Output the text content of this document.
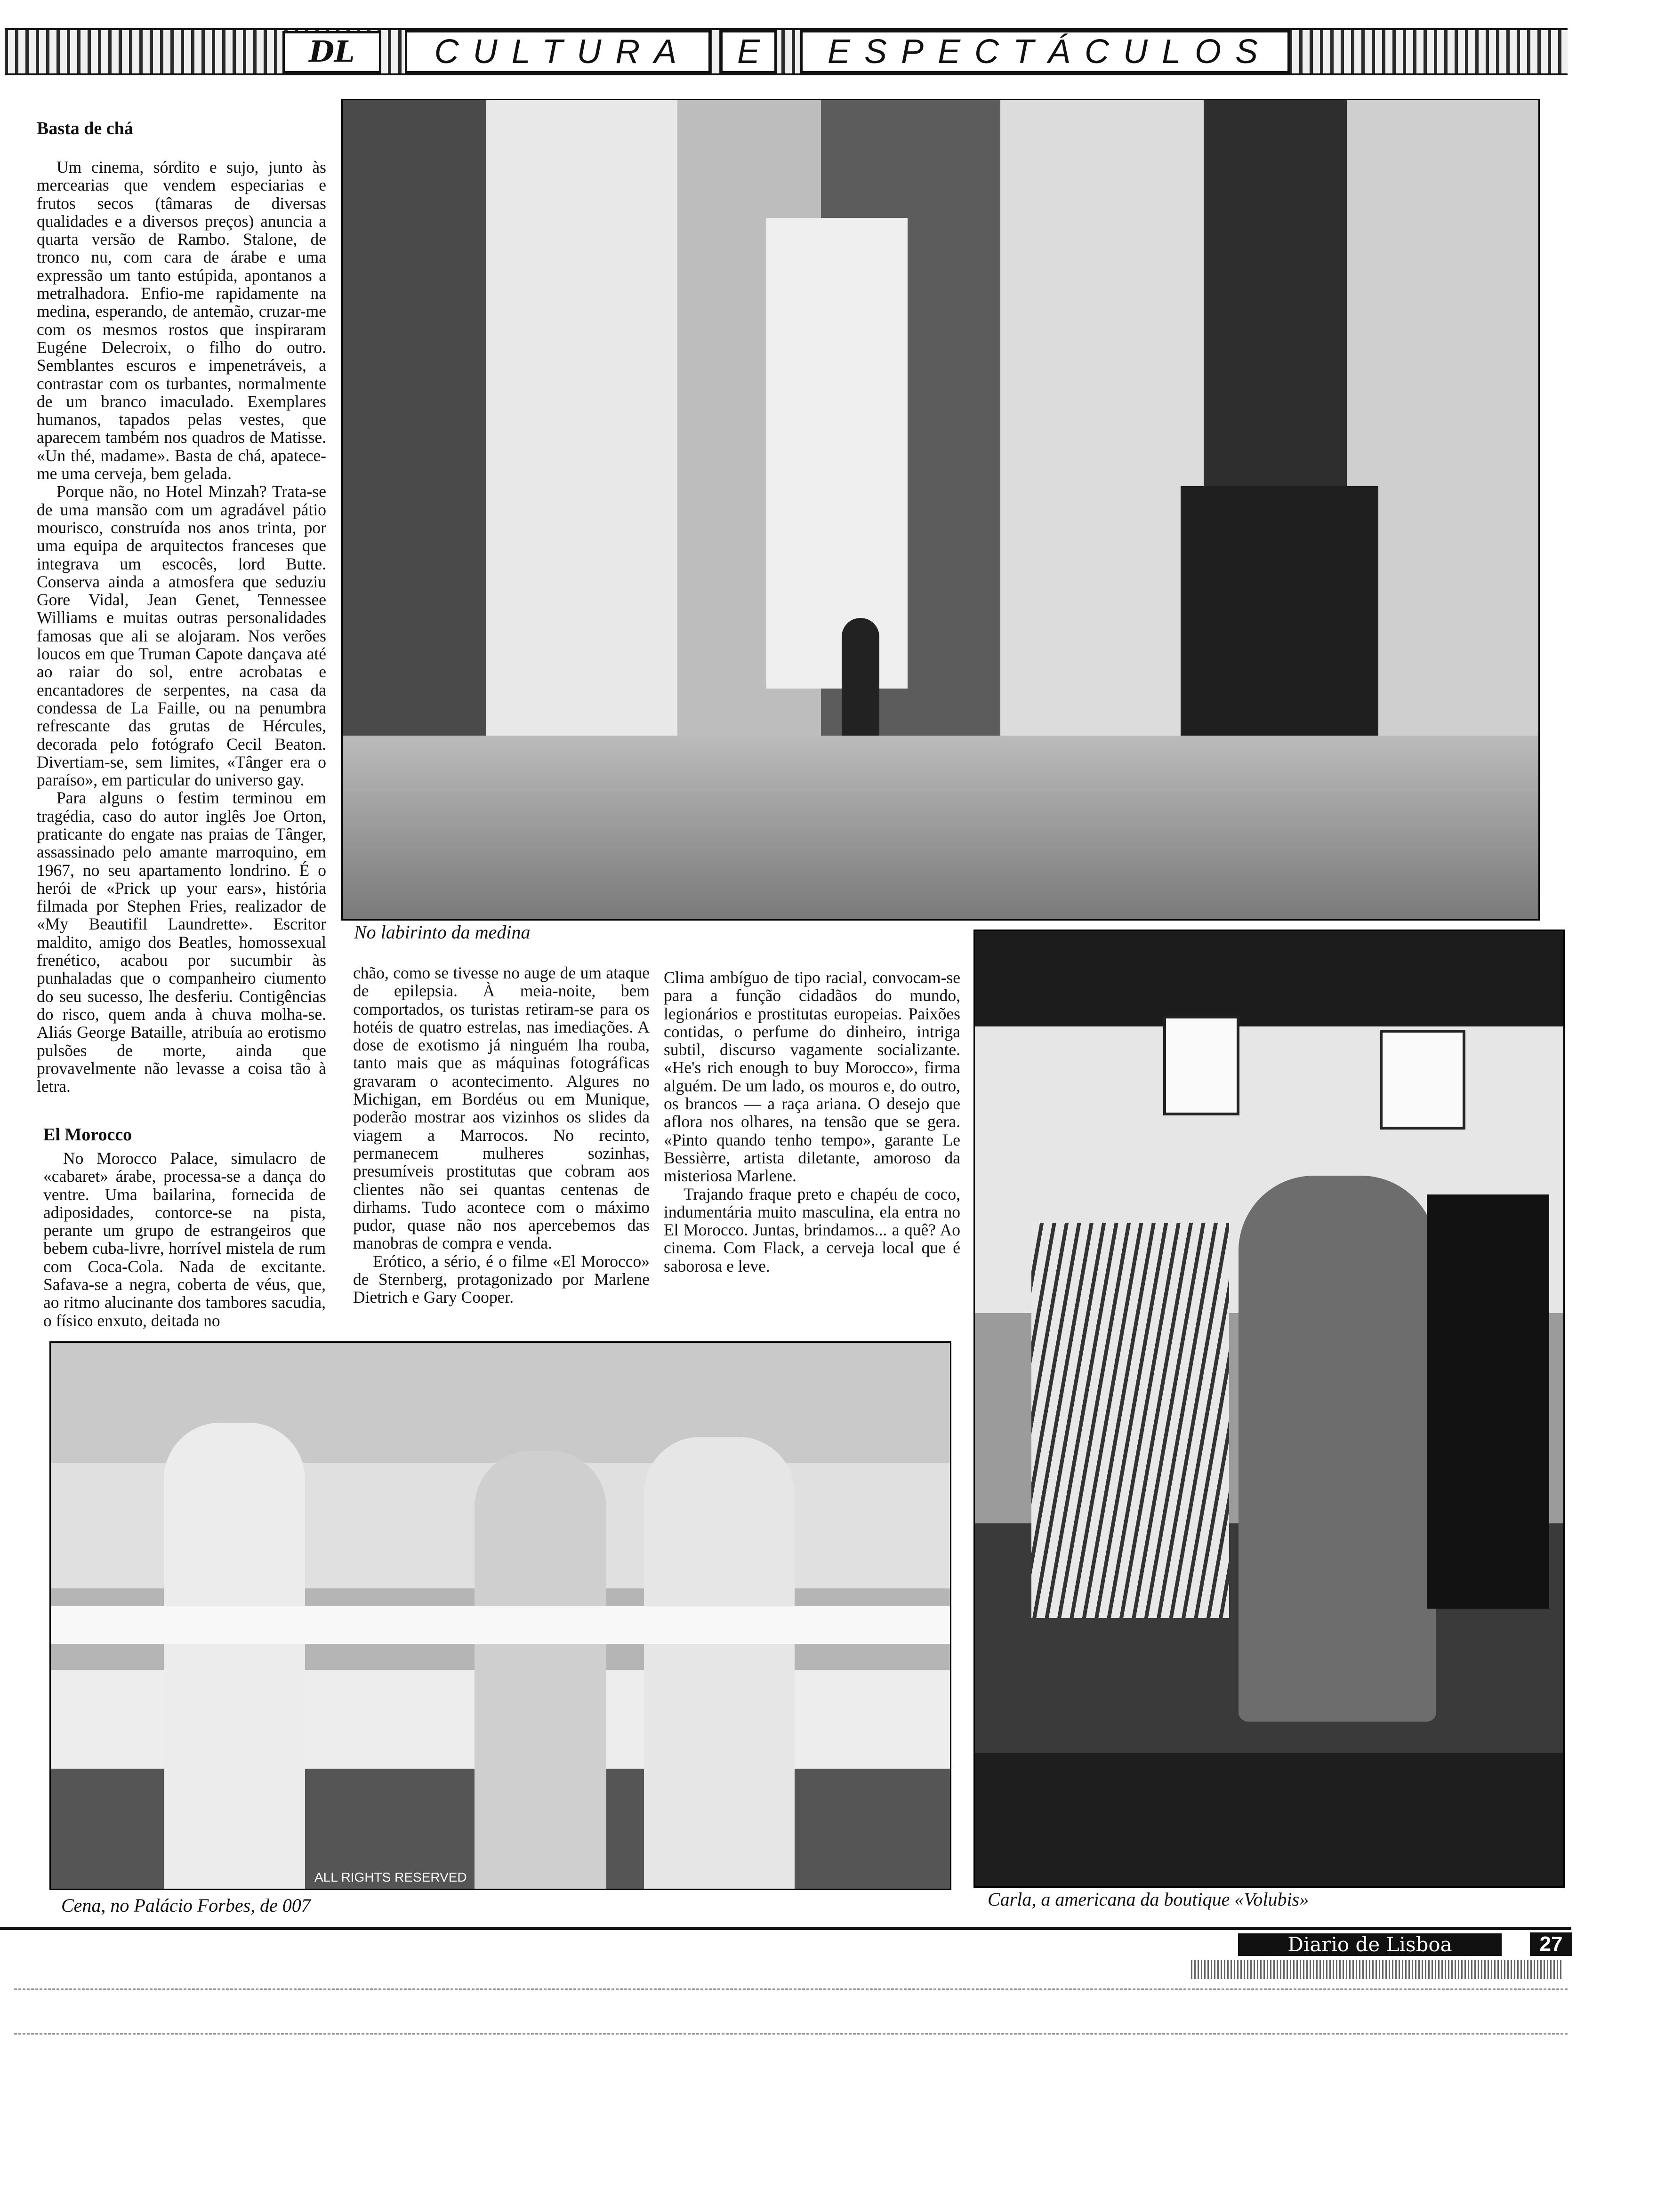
DL	CULTURA	E	ESPECTÁCULOS
No labirinto da medina
Carla, a americana da boutique «Volubis»
ALL RIGHTS RESERVED
Cena, no Palácio Forbes, de 007
Basta de chá

Um cinema, sórdito e sujo, junto às mercearias que vendem especiarias e frutos secos (tâmaras de diversas qualidades e a diversos preços) anuncia a quarta versão de Rambo. Stalone, de tronco nu, com cara de árabe e uma expressão um tanto estúpida, apontanos a metralhadora. Enfio-me rapidamente na medina, esperando, de antemão, cruzar-me com os mesmos rostos que inspiraram Eugéne Delecroix, o filho do outro. Semblantes escuros e impenetráveis, a contrastar com os turbantes, normalmente de um branco imaculado. Exemplares humanos, tapados pelas vestes, que aparecem também nos quadros de Matisse. «Un thé, madame». Basta de chá, apatece-me uma cerveja, bem gelada.

Porque não, no Hotel Minzah? Trata-se de uma mansão com um agradável pátio mourisco, construída nos anos trinta, por uma equipa de arquitectos franceses que integrava um escocês, lord Butte. Conserva ainda a atmosfera que seduziu Gore Vidal, Jean Genet, Tennessee Williams e muitas outras personalidades famosas que ali se alojaram. Nos verões loucos em que Truman Capote dançava até ao raiar do sol, entre acrobatas e encantadores de serpentes, na casa da condessa de La Faille, ou na penumbra refrescante das grutas de Hércules, decorada pelo fotógrafo Cecil Beaton. Divertiam-se, sem limites, «Tânger era o paraíso», em particular do universo gay.

Para alguns o festim terminou em tragédia, caso do autor inglês Joe Orton, praticante do engate nas praias de Tânger, assassinado pelo amante marroquino, em 1967, no seu apartamento londrino. É o herói de «Prick up your ears», história filmada por Stephen Fries, realizador de «My Beautifil Laundrette». Escritor maldito, amigo dos Beatles, homossexual frenético, acabou por sucumbir às punhaladas que o companheiro ciumento do seu sucesso, lhe desferiu. Contigências do risco, quem anda à chuva molha-se. Aliás George Bataille, atribuía ao erotismo pulsões de morte, ainda que provavelmente não levasse a coisa tão à letra.

El Morocco

No Morocco Palace, simulacro de «cabaret» árabe, processa-se a dança do ventre. Uma bailarina, fornecida de adiposidades, contorce-se na pista, perante um grupo de estrangeiros que bebem cuba-livre, horrível mistela de rum com Coca-Cola. Nada de excitante. Safava-se a negra, coberta de véus, que, ao ritmo alucinante dos tambores sacudia, o físico enxuto, deitada no

chão, como se tivesse no auge de um ataque de epilepsia. À meia-noite, bem comportados, os turistas retiram-se para os hotéis de quatro estrelas, nas imediações. A dose de exotismo já ninguém lha rouba, tanto mais que as máquinas fotográficas gravaram o acontecimento. Algures no Michigan, em Bordéus ou em Munique, poderão mostrar aos vizinhos os slides da viagem a Marrocos. No recinto, permanecem mulheres sozinhas, presumíveis prostitutas que cobram aos clientes não sei quantas centenas de dirhams. Tudo acontece com o máximo pudor, quase não nos apercebemos das manobras de compra e venda.

Erótico, a sério, é o filme «El Morocco» de Sternberg, protagonizado por Marlene Dietrich e Gary Cooper.

Clima ambíguo de tipo racial, convocam-se para a função cidadãos do mundo, legionários e prostitutas europeias. Paixões contidas, o perfume do dinheiro, intriga subtil, discurso vagamente socializante. «He's rich enough to buy Morocco», firma alguém. De um lado, os mouros e, do outro, os brancos — a raça ariana. O desejo que aflora nos olhares, na tensão que se gera. «Pinto quando tenho tempo», garante Le Bessièrre, artista diletante, amoroso da misteriosa Marlene.

Trajando fraque preto e chapéu de coco, indumentária muito masculina, ela entra no El Morocco. Juntas, brindamos... a quê? Ao cinema. Com Flack, a cerveja local que é saborosa e leve.

Diario de Lisboa	27
